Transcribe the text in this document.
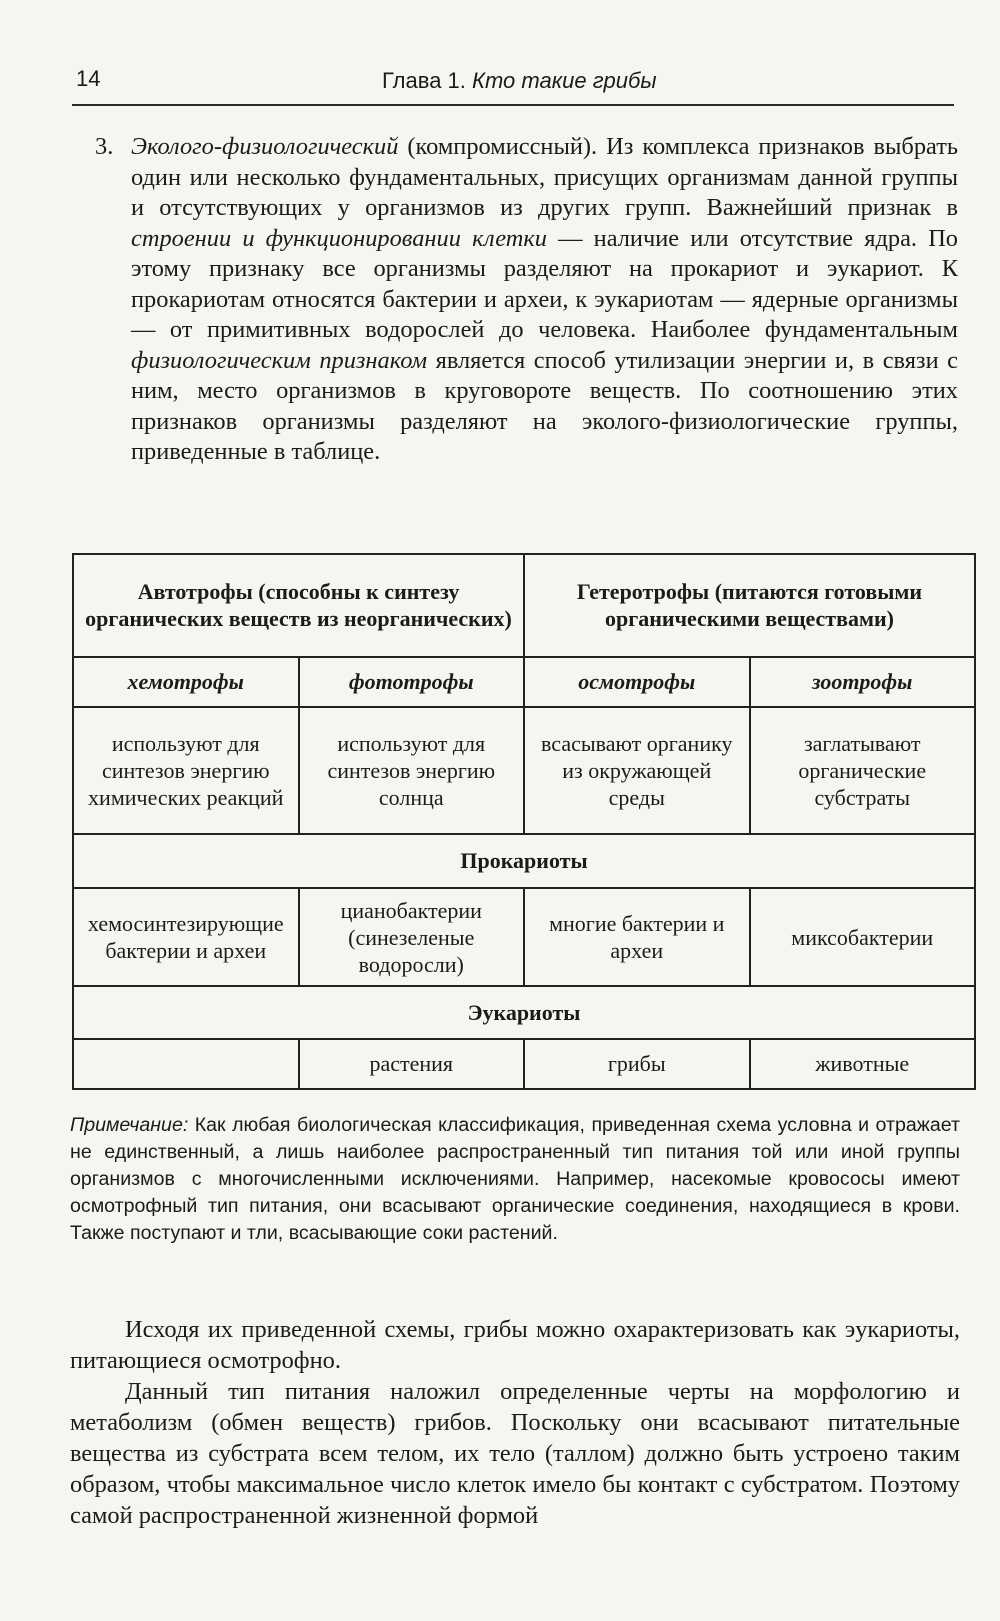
14	Глава 1. Кто такие грибы
3. Эколого-физиологический (компромиссный). Из комплекса признаков выбрать один или несколько фундаментальных, присущих организмам данной группы и отсутствующих у организмов из других групп. Важнейший признак в строении и функционировании клетки — наличие или отсутствие ядра. По этому признаку все организмы разделяют на прокариот и эукариот. К прокариотам относятся бактерии и археи, к эукариотам — ядерные организмы — от примитивных водорослей до человека. Наиболее фундаментальным физиологическим признаком является способ утилизации энергии и, в связи с ним, место организмов в круговороте веществ. По соотношению этих признаков организмы разделяют на эколого-физиологические группы, приведенные в таблице.
Автотрофы (способны к синтезу органических веществ из неорганических)		Гетеротрофы (питаются готовыми органическими веществами)	
хемотрофы	фототрофы	осмотрофы	зоотрофы
используют для синтезов энергию химических реакций	используют для синтезов энергию солнца	всасывают органику из окружающей среды	заглатывают органические субстраты
Прокариоты			
хемосинтезирующие бактерии и археи	цианобактерии (синезеленые водоросли)	многие бактерии и археи	миксобактерии
Эукариоты			
	растения	грибы	животные
Примечание: Как любая биологическая классификация, приведенная схема условна и отражает не единственный, а лишь наиболее распространенный тип питания той или иной группы организмов с многочисленными исключениями. Например, насекомые кровососы имеют осмотрофный тип питания, они всасывают органические соединения, находящиеся в крови. Также поступают и тли, всасывающие соки растений.

Исходя их приведенной схемы, грибы можно охарактеризовать как эукариоты, питающиеся осмотрофно.

Данный тип питания наложил определенные черты на морфологию и метаболизм (обмен веществ) грибов. Поскольку они всасывают питательные вещества из субстрата всем телом, их тело (таллом) должно быть устроено таким образом, чтобы максимальное число клеток имело бы контакт с субстратом. Поэтому самой распространенной жизненной формой
